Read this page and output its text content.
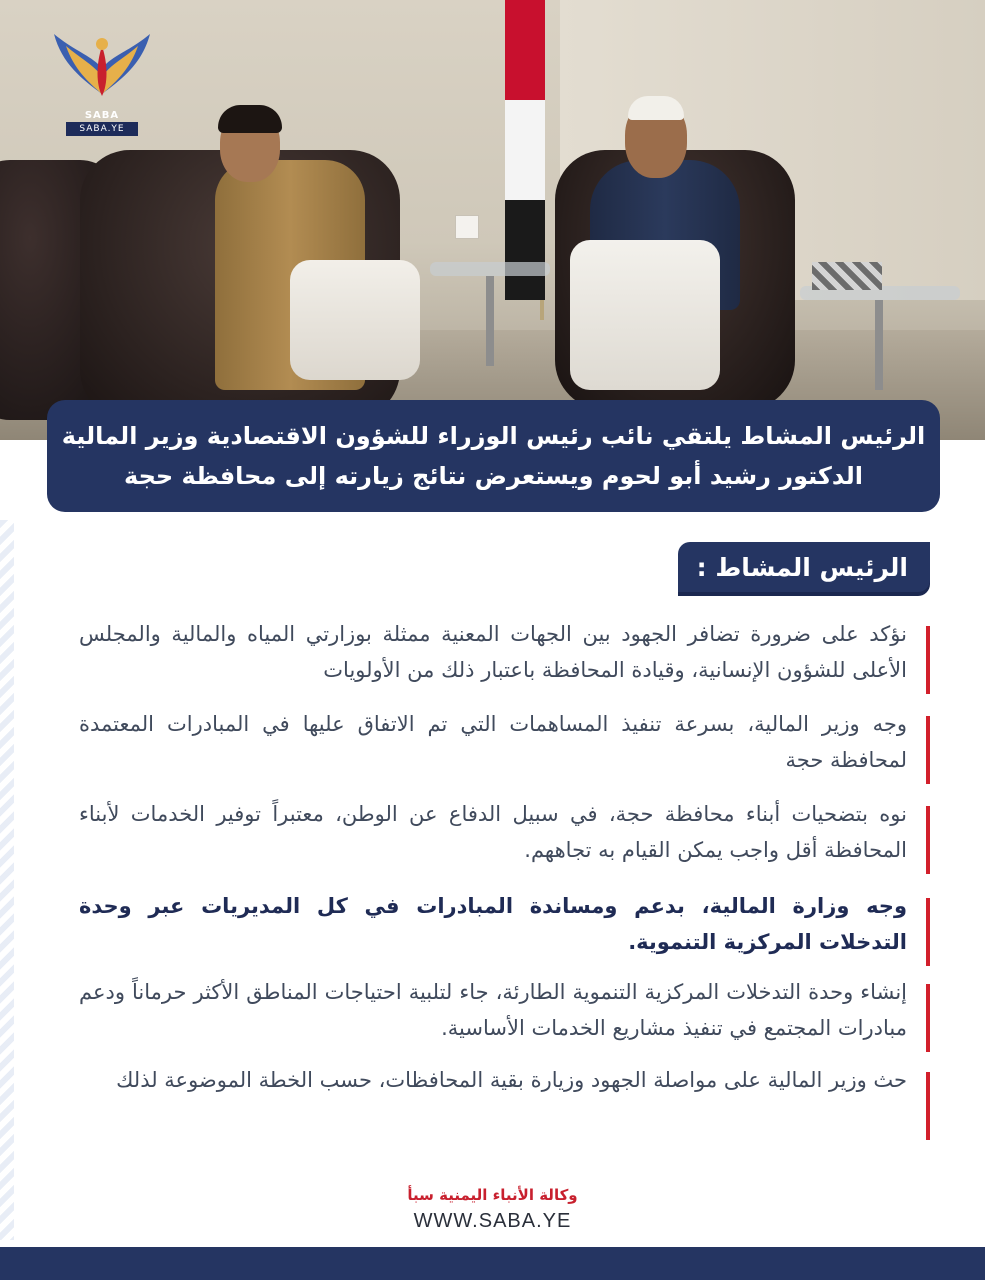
SABA
SABA.YE
الرئيس المشاط يلتقي نائب رئيس الوزراء للشؤون الاقتصادية وزير المالية
الدكتور رشيد أبو لحوم ويستعرض نتائج زيارته إلى محافظة حجة
الرئيس المشاط :
نؤكد على ضرورة تضافر الجهود بين الجهات المعنية ممثلة بوزارتي المياه والمالية والمجلس الأعلى للشؤون الإنسانية، وقيادة المحافظة باعتبار ذلك من الأولويات
وجه وزير المالية، بسرعة تنفيذ المساهمات التي تم الاتفاق عليها في المبادرات المعتمدة لمحافظة حجة
نوه بتضحيات أبناء محافظة حجة، في سبيل الدفاع عن الوطن، معتبراً توفير الخدمات لأبناء المحافظة أقل واجب يمكن القيام به تجاههم.
وجه وزارة المالية، بدعم ومساندة المبادرات في كل المديريات عبر وحدة التدخلات المركزية التنموية.
إنشاء وحدة التدخلات المركزية التنموية الطارئة، جاء لتلبية احتياجات المناطق الأكثر حرماناً ودعم مبادرات المجتمع في تنفيذ مشاريع الخدمات الأساسية.
حث وزير المالية على مواصلة الجهود وزيارة بقية المحافظات، حسب الخطة الموضوعة لذلك
وكالة الأنباء اليمنية سبأ
WWW.SABA.YE
